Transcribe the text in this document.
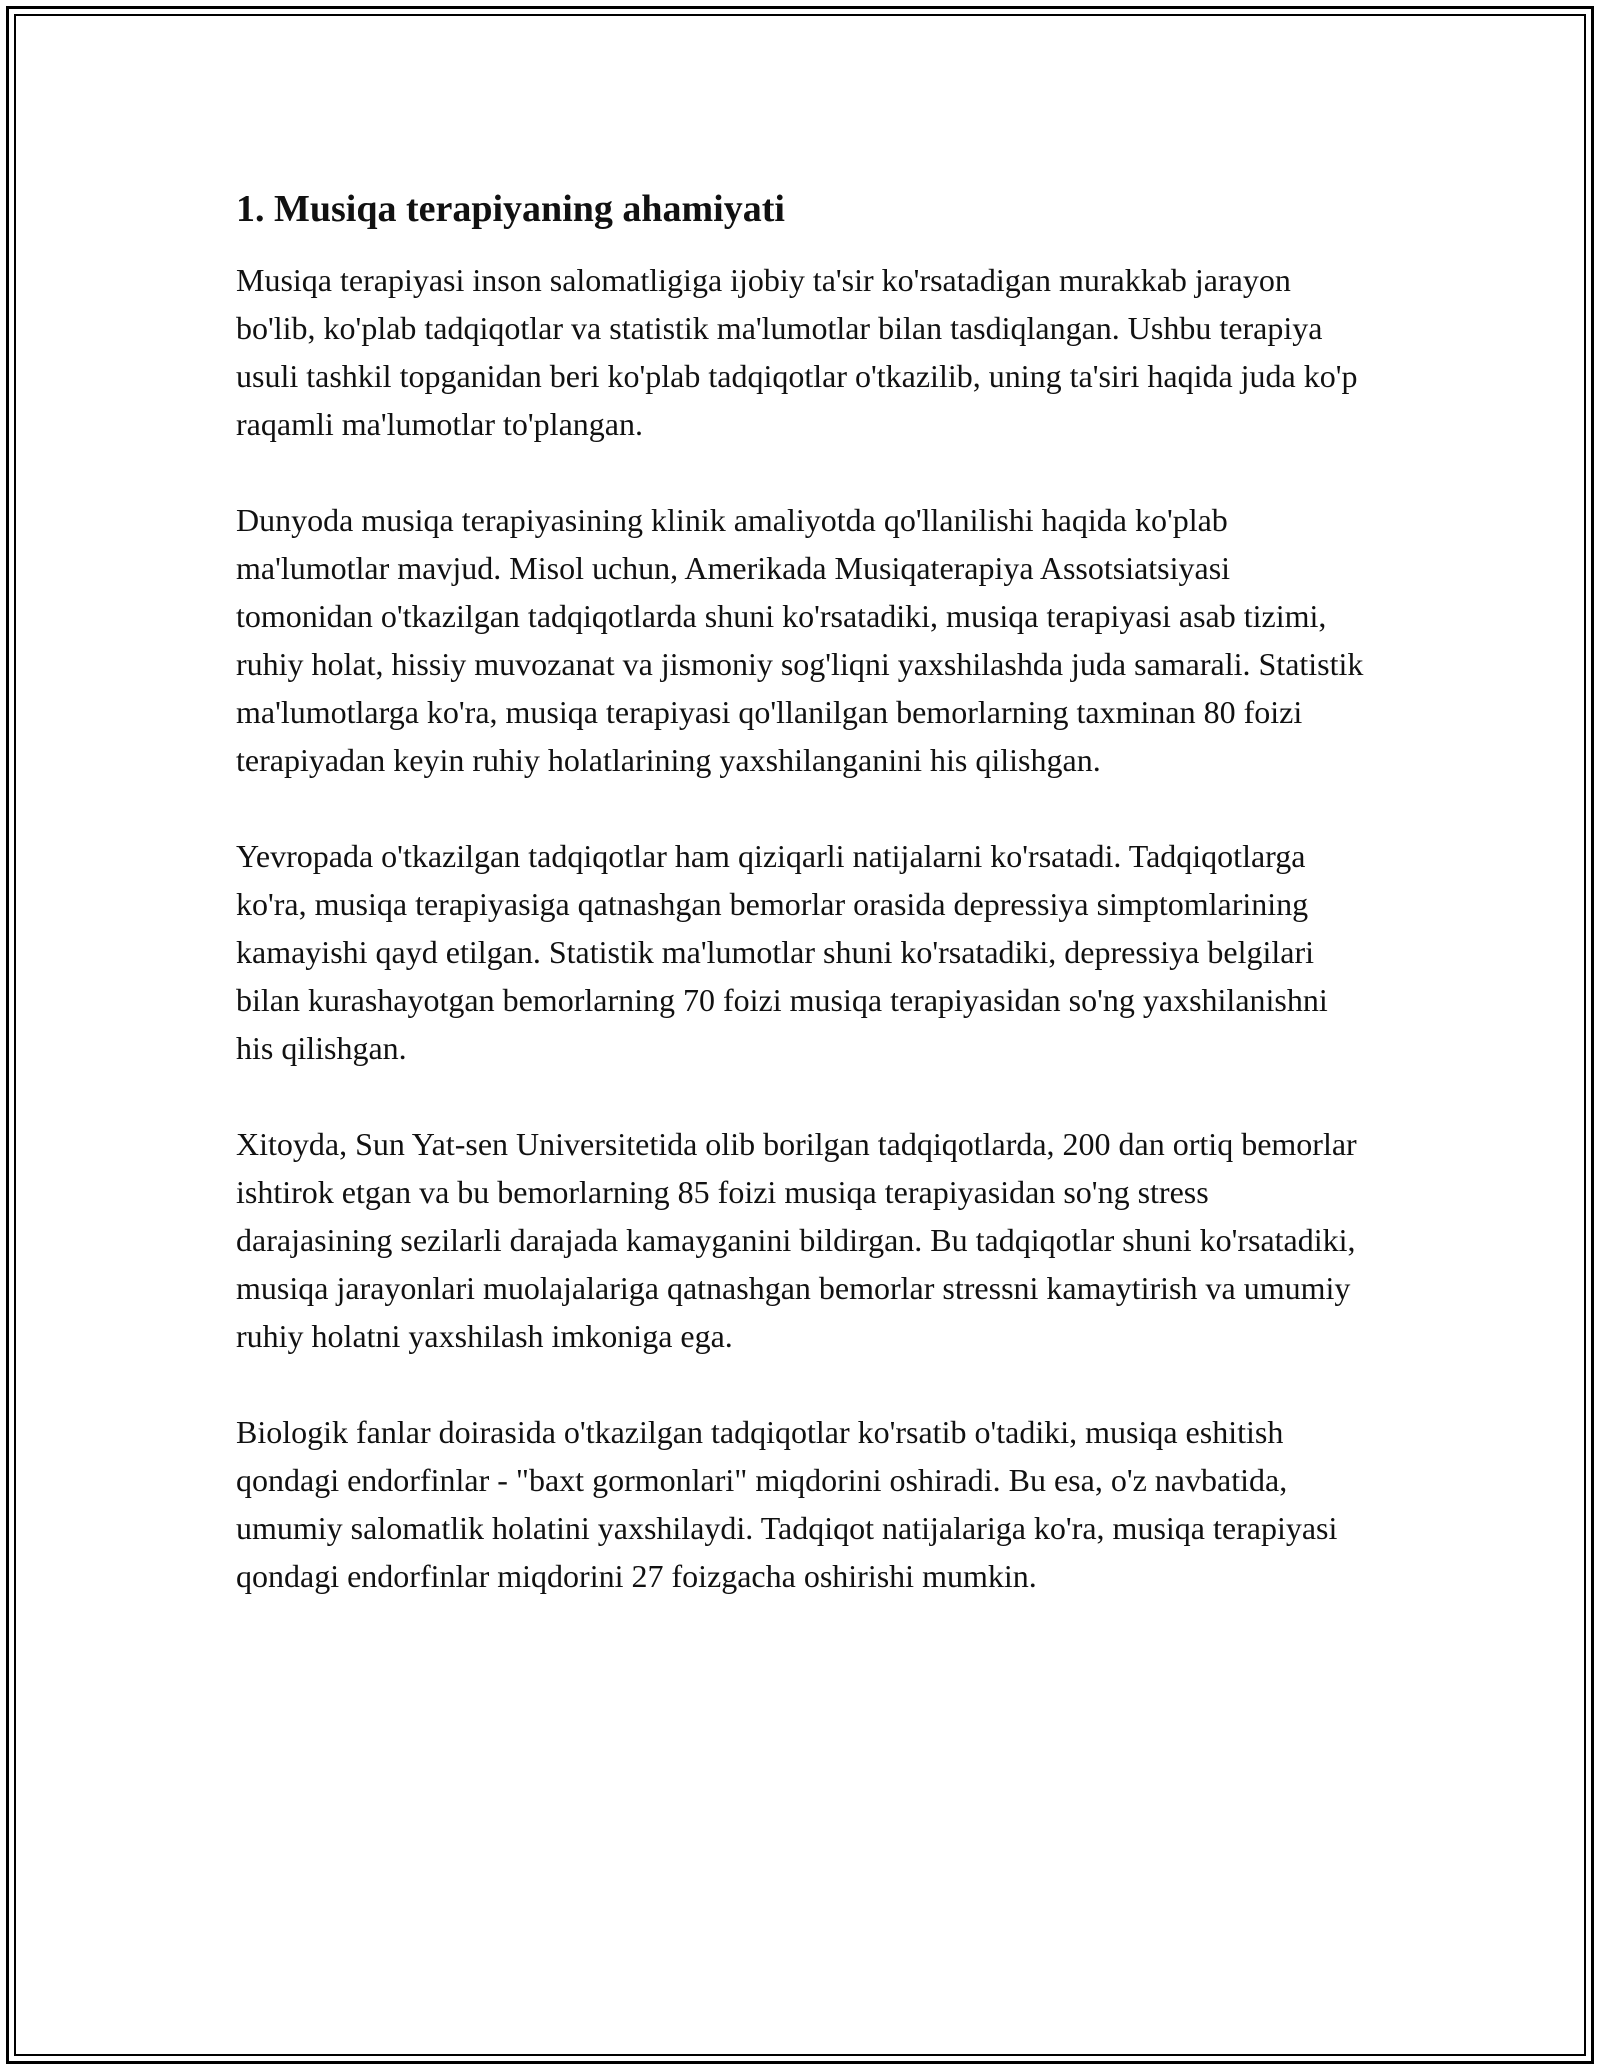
1. Musiqa terapiyaning ahamiyati

Musiqa terapiyasi inson salomatligiga ijobiy ta'sir ko'rsatadigan murakkab jarayon bo'lib, ko'plab tadqiqotlar va statistik ma'lumotlar bilan tasdiqlangan. Ushbu terapiya usuli tashkil topganidan beri ko'plab tadqiqotlar o'tkazilib, uning ta'siri haqida juda ko'p raqamli ma'lumotlar to'plangan.

Dunyoda musiqa terapiyasining klinik amaliyotda qo'llanilishi haqida ko'plab ma'lumotlar mavjud. Misol uchun, Amerikada Musiqaterapiya Assotsiatsiyasi tomonidan o'tkazilgan tadqiqotlarda shuni ko'rsatadiki, musiqa terapiyasi asab tizimi, ruhiy holat, hissiy muvozanat va jismoniy sog'liqni yaxshilashda juda samarali. Statistik ma'lumotlarga ko'ra, musiqa terapiyasi qo'llanilgan bemorlarning taxminan 80 foizi terapiyadan keyin ruhiy holatlarining yaxshilanganini his qilishgan.

Yevropada o'tkazilgan tadqiqotlar ham qiziqarli natijalarni ko'rsatadi. Tadqiqotlarga ko'ra, musiqa terapiyasiga qatnashgan bemorlar orasida depressiya simptomlarining kamayishi qayd etilgan. Statistik ma'lumotlar shuni ko'rsatadiki, depressiya belgilari bilan kurashayotgan bemorlarning 70 foizi musiqa terapiyasidan so'ng yaxshilanishni his qilishgan.

Xitoyda, Sun Yat-sen Universitetida olib borilgan tadqiqotlarda, 200 dan ortiq bemorlar ishtirok etgan va bu bemorlarning 85 foizi musiqa terapiyasidan so'ng stress darajasining sezilarli darajada kamayganini bildirgan. Bu tadqiqotlar shuni ko'rsatadiki, musiqa jarayonlari muolajalariga qatnashgan bemorlar stressni kamaytirish va umumiy ruhiy holatni yaxshilash imkoniga ega.

Biologik fanlar doirasida o'tkazilgan tadqiqotlar ko'rsatib o'tadiki, musiqa eshitish qondagi endorfinlar - "baxt gormonlari" miqdorini oshiradi. Bu esa, o'z navbatida, umumiy salomatlik holatini yaxshilaydi. Tadqiqot natijalariga ko'ra, musiqa terapiyasi qondagi endorfinlar miqdorini 27 foizgacha oshirishi mumkin.
